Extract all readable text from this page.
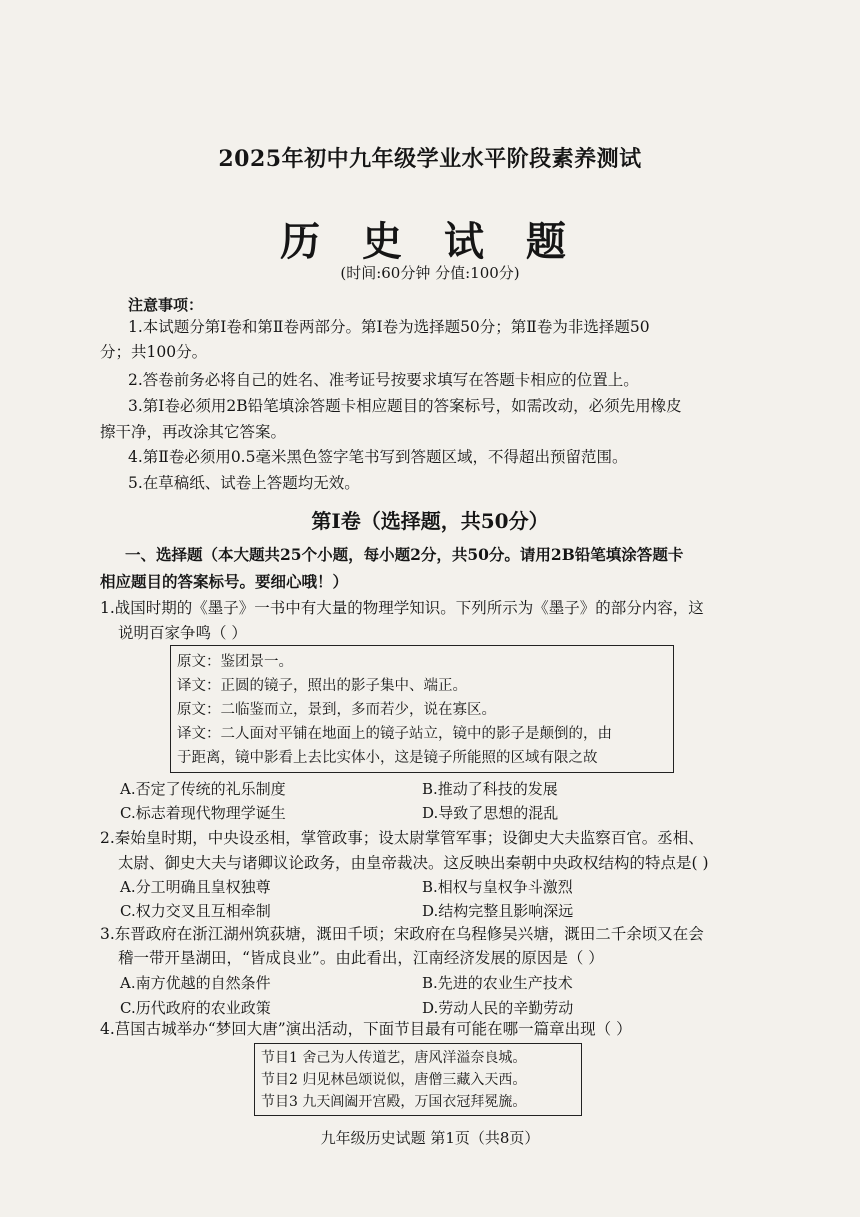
2025年初中九年级学业水平阶段素养测试
历 史 试 题
(时间:60分钟 分值:100分)
注意事项：
1.本试题分第Ⅰ卷和第Ⅱ卷两部分。第Ⅰ卷为选择题50分；第Ⅱ卷为非选择题50
分；共100分。
2.答卷前务必将自己的姓名、准考证号按要求填写在答题卡相应的位置上。
3.第Ⅰ卷必须用2B铅笔填涂答题卡相应题目的答案标号，如需改动，必须先用橡皮
擦干净，再改涂其它答案。
4.第Ⅱ卷必须用0.5毫米黑色签字笔书写到答题区域，不得超出预留范围。
5.在草稿纸、试卷上答题均无效。
第Ⅰ卷（选择题，共50分）
一、选择题（本大题共25个小题，每小题2分，共50分。请用2B铅笔填涂答题卡
相应题目的答案标号。要细心哦！）
1.战国时期的《墨子》一书中有大量的物理学知识。下列所示为《墨子》的部分内容，这
说明百家争鸣（ ）
原文：鉴团景一。
译文：正圆的镜子，照出的影子集中、端正。
原文：二临鉴而立，景到，多而若少，说在寡区。
译文：二人面对平铺在地面上的镜子站立，镜中的影子是颠倒的，由
于距离，镜中影看上去比实体小，这是镜子所能照的区域有限之故
A.否定了传统的礼乐制度	B.推动了科技的发展
C.标志着现代物理学诞生	D.导致了思想的混乱
2.秦始皇时期，中央设丞相，掌管政事；设太尉掌管军事；设御史大夫监察百官。丞相、
太尉、御史大夫与诸卿议论政务，由皇帝裁决。这反映出秦朝中央政权结构的特点是( )
A.分工明确且皇权独尊	B.相权与皇权争斗激烈
C.权力交叉且互相牵制	D.结构完整且影响深远
3.东晋政府在浙江湖州筑荻塘，溉田千顷；宋政府在乌程修吴兴塘，溉田二千余顷又在会
稽一带开垦湖田，“皆成良业”。由此看出，江南经济发展的原因是（ ）
A.南方优越的自然条件	B.先进的农业生产技术
C.历代政府的农业政策	D.劳动人民的辛勤劳动
4.莒国古城举办“梦回大唐”演出活动，下面节目最有可能在哪一篇章出现（ ）
节目1 舍己为人传道艺，唐风洋溢奈良城。
节目2 归见林邑颂说似，唐僧三藏入天西。
节目3 九天阊阖开宫殿，万国衣冠拜冕旒。
九年级历史试题 第1页（共8页）
